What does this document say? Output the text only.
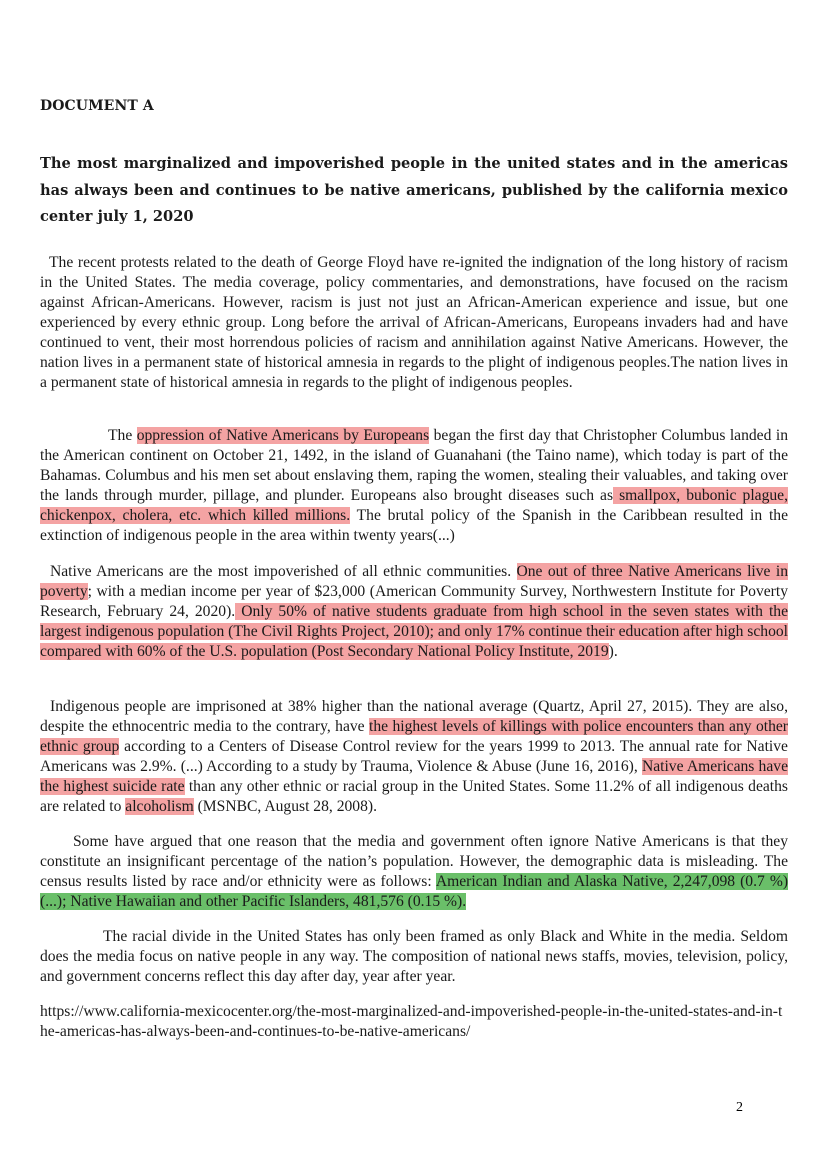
DOCUMENT A
The most marginalized and impoverished people in the united states and in the americas has always been and continues to be native americans, published by the california mexico center july 1, 2020

The recent protests related to the death of George Floyd have re-ignited the indignation of the long history of racism in the United States. The media coverage, policy commentaries, and demonstrations, have focused on the racism against African-Americans. However, racism is just not just an African-American experience and issue, but one experienced by every ethnic group. Long before the arrival of African-Americans, Europeans invaders had and have continued to vent, their most horrendous policies of racism and annihilation against Native Americans. However, the nation lives in a permanent state of historical amnesia in regards to the plight of indigenous peoples.The nation lives in a permanent state of historical amnesia in regards to the plight of indigenous peoples.

The oppression of Native Americans by Europeans began the first day that Christopher Columbus landed in the American continent on October 21, 1492, in the island of Guanahani (the Taino name), which today is part of the Bahamas. Columbus and his men set about enslaving them, raping the women, stealing their valuables, and taking over the lands through murder, pillage, and plunder. Europeans also brought diseases such as smallpox, bubonic plague, chickenpox, cholera, etc. which killed millions. The brutal policy of the Spanish in the Caribbean resulted in the extinction of indigenous people in the area within twenty years(...)

Native Americans are the most impoverished of all ethnic communities. One out of three Native Americans live in poverty; with a median income per year of $23,000 (American Community Survey, Northwestern Institute for Poverty Research, February 24, 2020). Only 50% of native students graduate from high school in the seven states with the largest indigenous population (The Civil Rights Project, 2010); and only 17% continue their education after high school compared with 60% of the U.S. population (Post Secondary National Policy Institute, 2019).

Indigenous people are imprisoned at 38% higher than the national average (Quartz, April 27, 2015). They are also, despite the ethnocentric media to the contrary, have the highest levels of killings with police encounters than any other ethnic group according to a Centers of Disease Control review for the years 1999 to 2013. The annual rate for Native Americans was 2.9%. (...) According to a study by Trauma, Violence & Abuse (June 16, 2016), Native Americans have the highest suicide rate than any other ethnic or racial group in the United States. Some 11.2% of all indigenous deaths are related to alcoholism (MSNBC, August 28, 2008).

Some have argued that one reason that the media and government often ignore Native Americans is that they constitute an insignificant percentage of the nation’s population. However, the demographic data is misleading. The census results listed by race and/or ethnicity were as follows: American Indian and Alaska Native, 2,247,098 (0.7 %) (...); Native Hawaiian and other Pacific Islanders, 481,576 (0.15 %).

The racial divide in the United States has only been framed as only Black and White in the media. Seldom does the media focus on native people in any way. The composition of national news staffs, movies, television, policy, and government concerns reflect this day after day, year after year.

https://www.california-mexicocenter.org/the-most-marginalized-and-impoverished-people-in-the-united-states-and-in-the-americas-has-always-been-and-continues-to-be-native-americans/

2
